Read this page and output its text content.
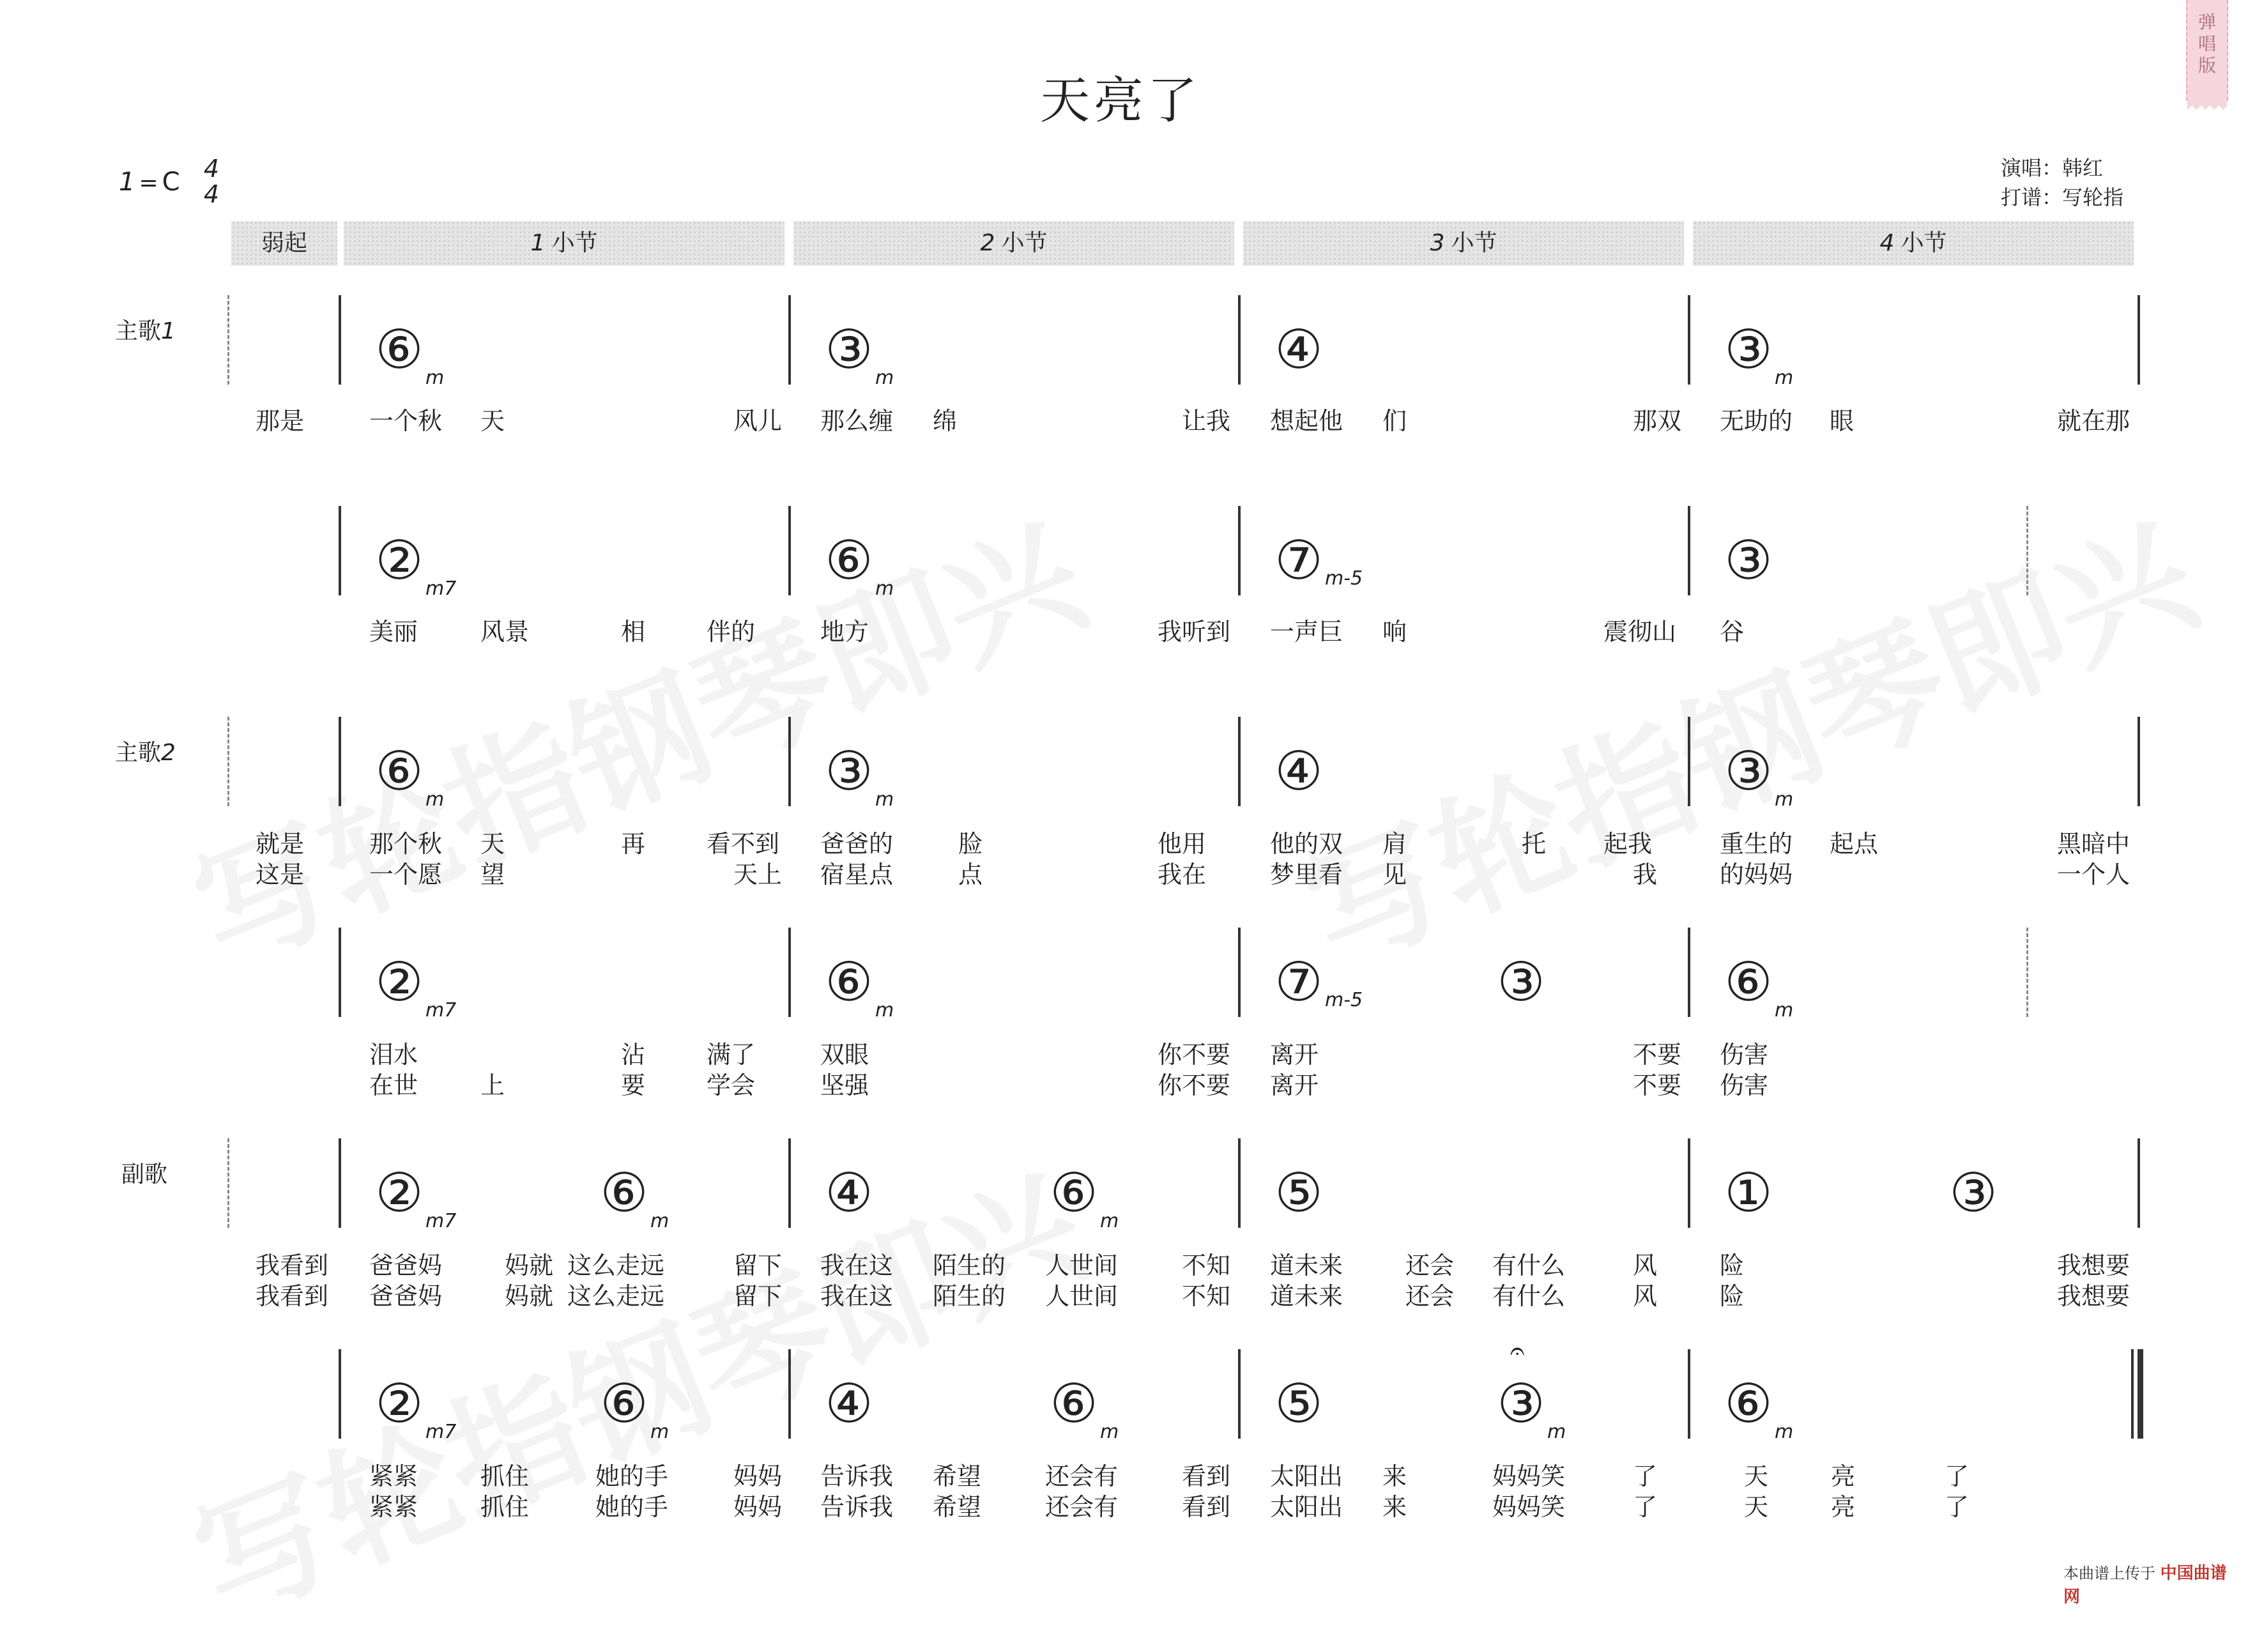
天亮了
弹
唱
版
1 = C 4
4
演唱：韩红
打谱：写轮指
弱起	1 小节	2 小节	3 小节	4 小节
主歌1
主歌2
副歌
⑥ m	③ m	④	③ m
② m7	⑥ m	⑦ m-5	③
⑥ m	③ m	④	③ m
② m7	⑥ m	⑦ m-5	③	⑥ m
② m7	⑥ m	④	⑥ m	⑤	①	③
② m7	⑥ m	④	⑥ m	⑤	③ m	⑥ m
𝄐
那是	一个秋 天	风儿 那么缠 绵	让我 想起他 们	那双 无助的 眼	就在那
美丽	风景	相	伴的	地方	我听到 一声巨 响	震彻山 谷
就是	那个秋 天	再	看不到 爸爸的	脸	他用	他的双 肩	托 起我	重生的 起点	黑暗中
这是	一个愿 望	天上 宿星点	点	我在	梦里看 见	我	的妈妈	一个人
泪水	沾	满了	双眼	你不要 离开	不要 伤害
在世	上	要	学会	坚强	你不要 离开	不要 伤害
我看到 爸爸妈	妈就 这么走远	留下 我在这 陌生的 人世间	不知 道未来	还会 有什么	风	险	我想要
我看到 爸爸妈	妈就 这么走远	留下 我在这 陌生的 人世间	不知 道未来	还会 有什么	风	险	我想要
紧紧	抓住	她的手	妈妈 告诉我 希望	还会有	看到 太阳出 来	妈妈笑	了	天	亮	了
紧紧	抓住	她的手	妈妈 告诉我 希望	还会有	看到 太阳出 来	妈妈笑	了	天	亮	了
本曲谱上传于 中国曲谱网
